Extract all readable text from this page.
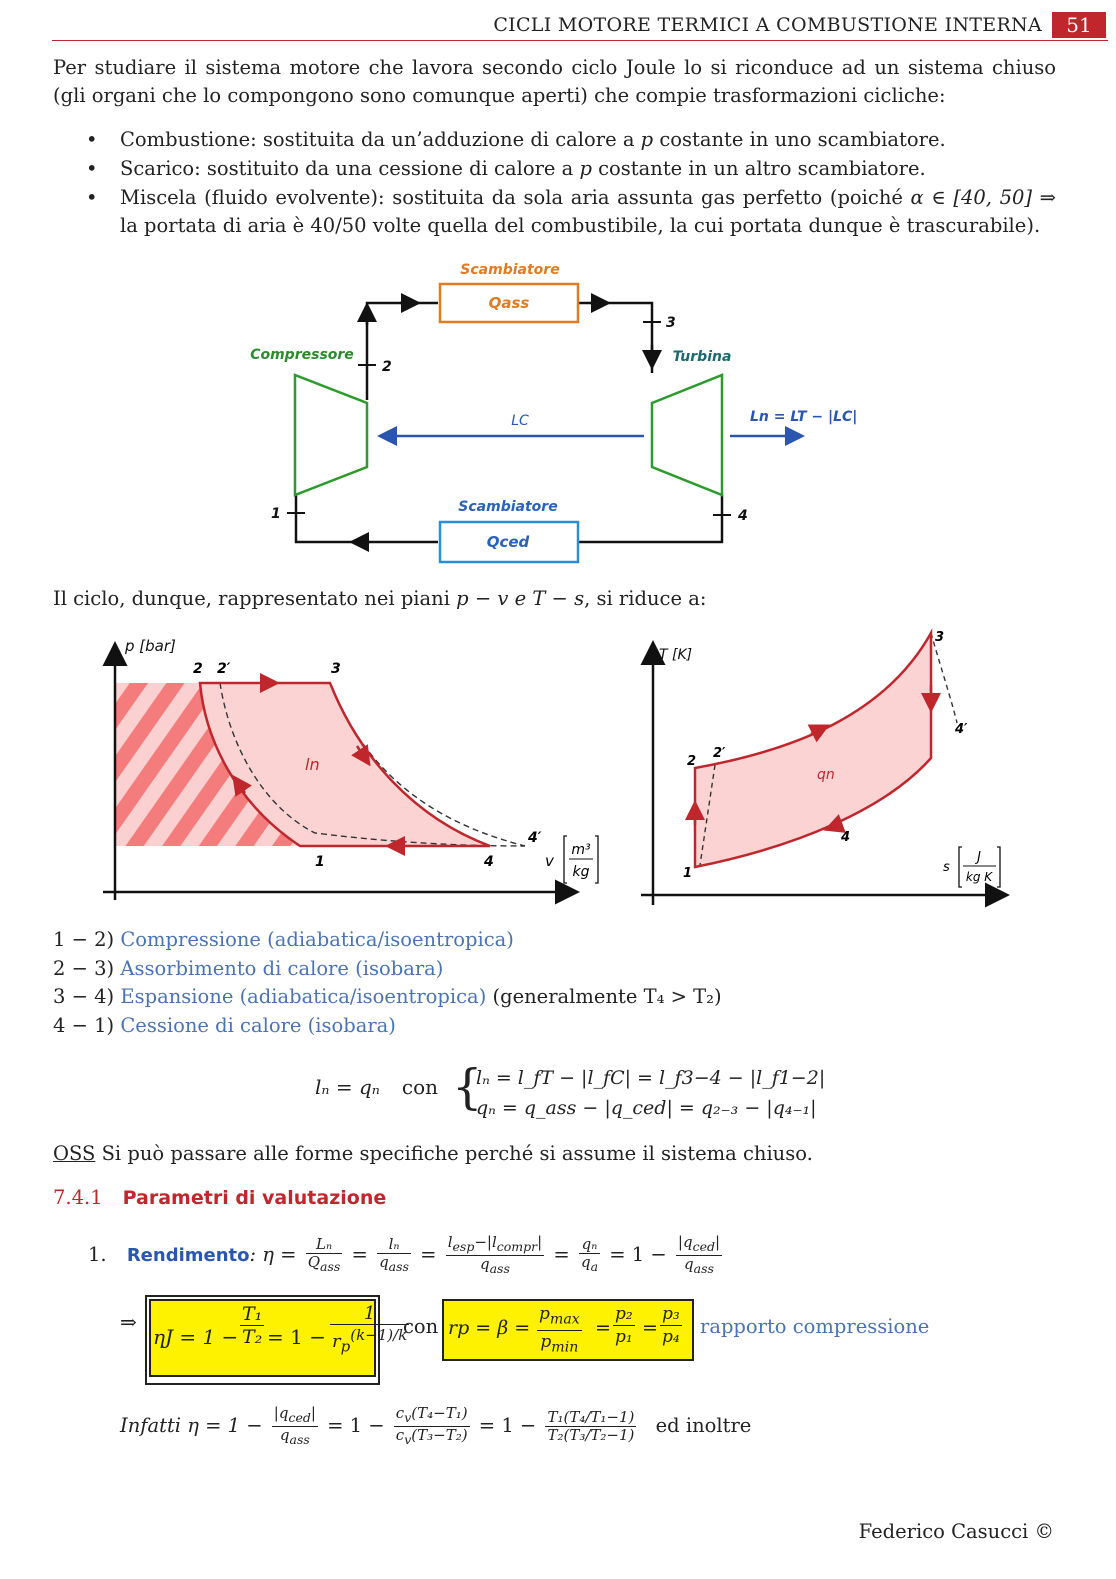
CICLI MOTORE TERMICI A COMBUSTIONE INTERNA	51
Per studiare il sistema motore che lavora secondo ciclo Joule lo si riconduce ad un sistema chiuso (gli organi che lo compongono sono comunque aperti) che compie trasformazioni cicliche:
• Combustione: sostituita da un’adduzione di calore a p costante in uno scambiatore.
• Scarico: sostituito da una cessione di calore a p costante in un altro scambiatore.
• Miscela (fluido evolvente): sostituita da sola aria assunta gas perfetto (poiché α ∈ [40, 50] ⇒ la portata di aria è 40/50 volte quella del combustibile, la cui portata dunque è trascurabile).
Scambiatore
Qass
Scambiatore
Qced
Compressore	Turbina
LC	Ln = LT − |LC|
2
3
1	4
Il ciclo, dunque, rappresentato nei piani p − v e T − s, si riduce a:
p [bar]
ln
2 2′	3
1	4
4′
v
m³
kg
T [K]
qn
2
2′
3
1
4
4′
s
J
kg K
1 − 2) Compressione (adiabatica/isoentropica)
2 − 3) Assorbimento di calore (isobara)
3 − 4) Espansione (adiabatica/isoentropica) (generalmente T₄ > T₂)
4 − 1) Cessione di calore (isobara)
lₙ = qₙ con {
lₙ = l_fT − |l_fC| = l_f3−4 − |l_f1−2|
qₙ = q_ass − |q_ced| = q₂₋₃ − |q₄₋₁|
OSS Si può passare alle forme specifiche perché si assume il sistema chiuso.
7.4.1 Parametri di valutazione
1. Rendimento: $\eta = \frac{\text{Lₙ}}{Q_{ass}} = \frac{\text{lₙ}}{q_{ass}} = \frac{l_{esp}-|l_{compr}|}{q_{ass}} = \frac{\text{qₙ}}{q_a} = 1 - \frac{|q_{ced}|}{q_{ass}}$
⇒
$\eta J = 1 - \frac{\text{T₁}}{\text{T₂}} = 1 - \frac{1}{r_p^{(k-1)/k}}$
con rp = β =
$p_{max}$
$p_{min}$
= $\frac{\text{p₂}}{\text{p₁}} = \frac{\text{p₃}}{\text{p₄}}$ rapporto compressione
Infatti $\eta = 1 - \frac{|q_{ced}|}{q_{ass}} = 1 - \frac{c_v(T_4-T_1)}{c_v(T_3-T_2)} = 1 - \frac{\text{T₁(T₄/T₁−1)}}{\text{T₂(T₃/T₂−1)}}$ ed inoltre
Federico Casucci ©
